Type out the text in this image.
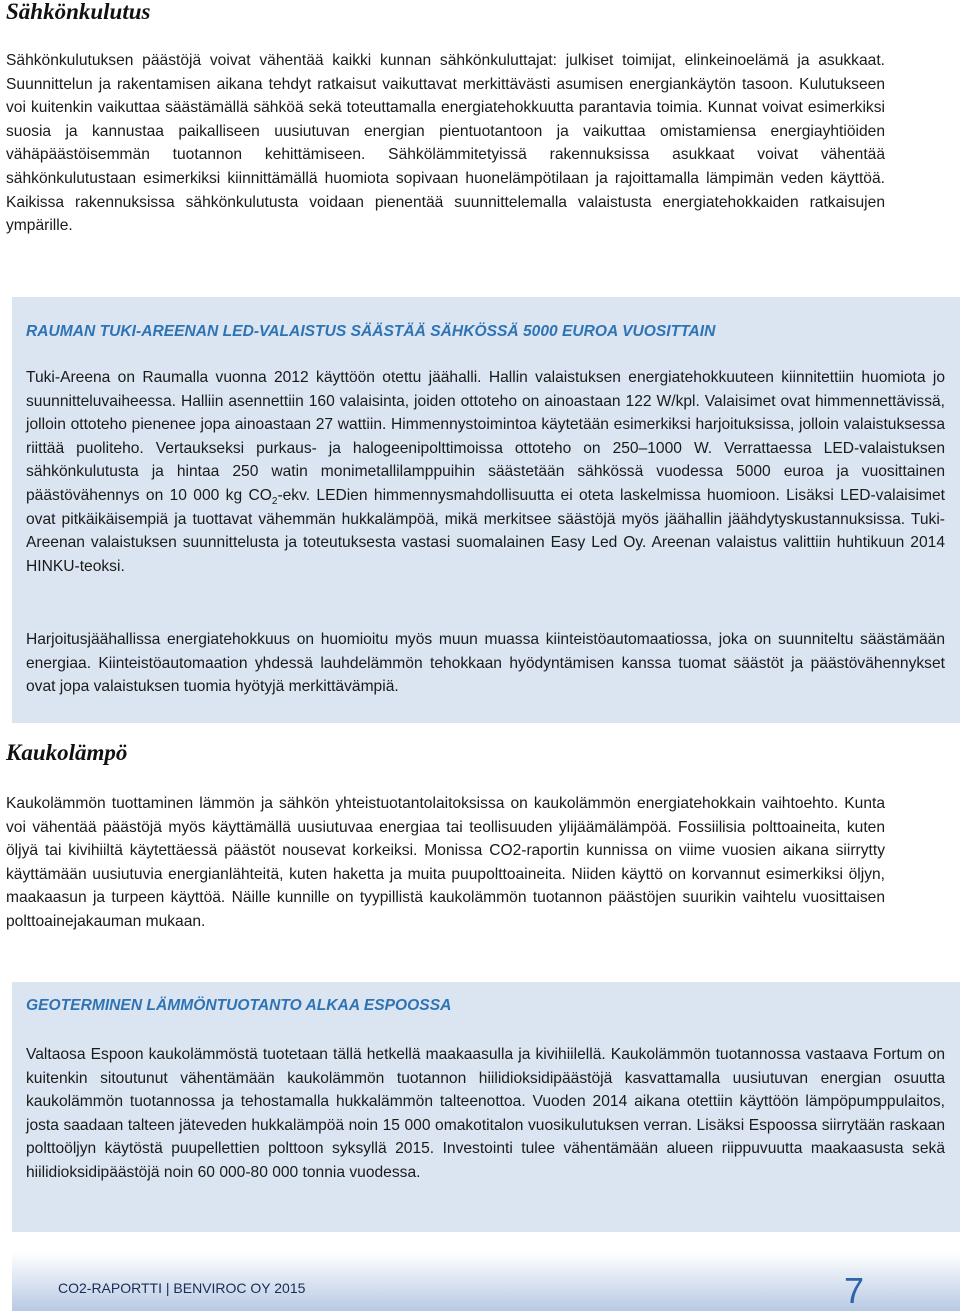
Sähkönkulutus

Sähkönkulutuksen päästöjä voivat vähentää kaikki kunnan sähkönkuluttajat: julkiset toimijat, elinkeinoelämä ja asukkaat. Suunnittelun ja rakentamisen aikana tehdyt ratkaisut vaikuttavat merkittävästi asumisen energiankäytön tasoon. Kulutukseen voi kuitenkin vaikuttaa säästämällä sähköä sekä toteuttamalla energiatehokkuutta parantavia toimia. Kunnat voivat esimerkiksi suosia ja kannustaa paikalliseen uusiutuvan energian pientuotantoon ja vaikuttaa omistamiensa energiayhtiöiden vähäpäästöisemmän tuotannon kehittämiseen. Sähkölämmitetyissä rakennuksissa asukkaat voivat vähentää sähkönkulutustaan esimerkiksi kiinnittämällä huomiota sopivaan huonelämpötilaan ja rajoittamalla lämpimän veden käyttöä. Kaikissa rakennuksissa sähkönkulutusta voidaan pienentää suunnittelemalla valaistusta energiatehokkaiden ratkaisujen ympärille.

RAUMAN TUKI-AREENAN LED-VALAISTUS SÄÄSTÄÄ SÄHKÖSSÄ 5000 EUROA VUOSITTAIN

Tuki-Areena on Raumalla vuonna 2012 käyttöön otettu jäähalli. Hallin valaistuksen energiatehokkuuteen kiinnitettiin huomiota jo suunnitteluvaiheessa. Halliin asennettiin 160 valaisinta, joiden ottoteho on ainoastaan 122 W/kpl. Valaisimet ovat himmennettävissä, jolloin ottoteho pienenee jopa ainoastaan 27 wattiin. Himmennystoimintoa käytetään esimerkiksi harjoituksissa, jolloin valaistuksessa riittää puoliteho. Vertaukseksi purkaus- ja halogeenipolttimoissa ottoteho on 250–1000 W. Verrattaessa LED-valaistuksen sähkönkulutusta ja hintaa 250 watin monimetallilamppuihin säästetään sähkössä vuodessa 5000 euroa ja vuosittainen päästövähennys on 10 000 kg $CO_2$-ekv. LEDien himmennysmahdollisuutta ei oteta laskelmissa huomioon. Lisäksi LED-valaisimet ovat pitkäikäisempiä ja tuottavat vähemmän hukkalämpöä, mikä merkitsee säästöjä myös jäähallin jäähdytyskustannuksissa. Tuki-Areenan valaistuksen suunnittelusta ja toteutuksesta vastasi suomalainen Easy Led Oy. Areenan valaistus valittiin huhtikuun 2014 HINKU-teoksi.

Harjoitusjäähallissa energiatehokkuus on huomioitu myös muun muassa kiinteistöautomaatiossa, joka on suunniteltu säästämään energiaa. Kiinteistöautomaation yhdessä lauhdelämmön tehokkaan hyödyntämisen kanssa tuomat säästöt ja päästövähennykset ovat jopa valaistuksen tuomia hyötyjä merkittävämpiä.

Kaukolämpö

Kaukolämmön tuottaminen lämmön ja sähkön yhteistuotantolaitoksissa on kaukolämmön energiatehokkain vaihtoehto. Kunta voi vähentää päästöjä myös käyttämällä uusiutuvaa energiaa tai teollisuuden ylijäämälämpöä. Fossiilisia polttoaineita, kuten öljyä tai kivihiiltä käytettäessä päästöt nousevat korkeiksi. Monissa CO2-raportin kunnissa on viime vuosien aikana siirrytty käyttämään uusiutuvia energianlähteitä, kuten haketta ja muita puupolttoaineita. Niiden käyttö on korvannut esimerkiksi öljyn, maakaasun ja turpeen käyttöä. Näille kunnille on tyypillistä kaukolämmön tuotannon päästöjen suurikin vaihtelu vuosittaisen polttoainejakauman mukaan.

GEOTERMINEN LÄMMÖNTUOTANTO ALKAA ESPOOSSA

Valtaosa Espoon kaukolämmöstä tuotetaan tällä hetkellä maakaasulla ja kivihiilellä. Kaukolämmön tuotannossa vastaava Fortum on kuitenkin sitoutunut vähentämään kaukolämmön tuotannon hiilidioksidipäästöjä kasvattamalla uusiutuvan energian osuutta kaukolämmön tuotannossa ja tehostamalla hukkalämmön talteenottoa. Vuoden 2014 aikana otettiin käyttöön lämpöpumppulaitos, josta saadaan talteen jäteveden hukkalämpöä noin 15 000 omakotitalon vuosikulutuksen verran. Lisäksi Espoossa siirrytään raskaan polttoöljyn käytöstä puupellettien polttoon syksyllä 2015. Investointi tulee vähentämään alueen riippuvuutta maakaasusta sekä hiilidioksidipäästöjä noin 60 000-80 000 tonnia vuodessa.

CO2-RAPORTTI | BENVIROC OY 2015	7
